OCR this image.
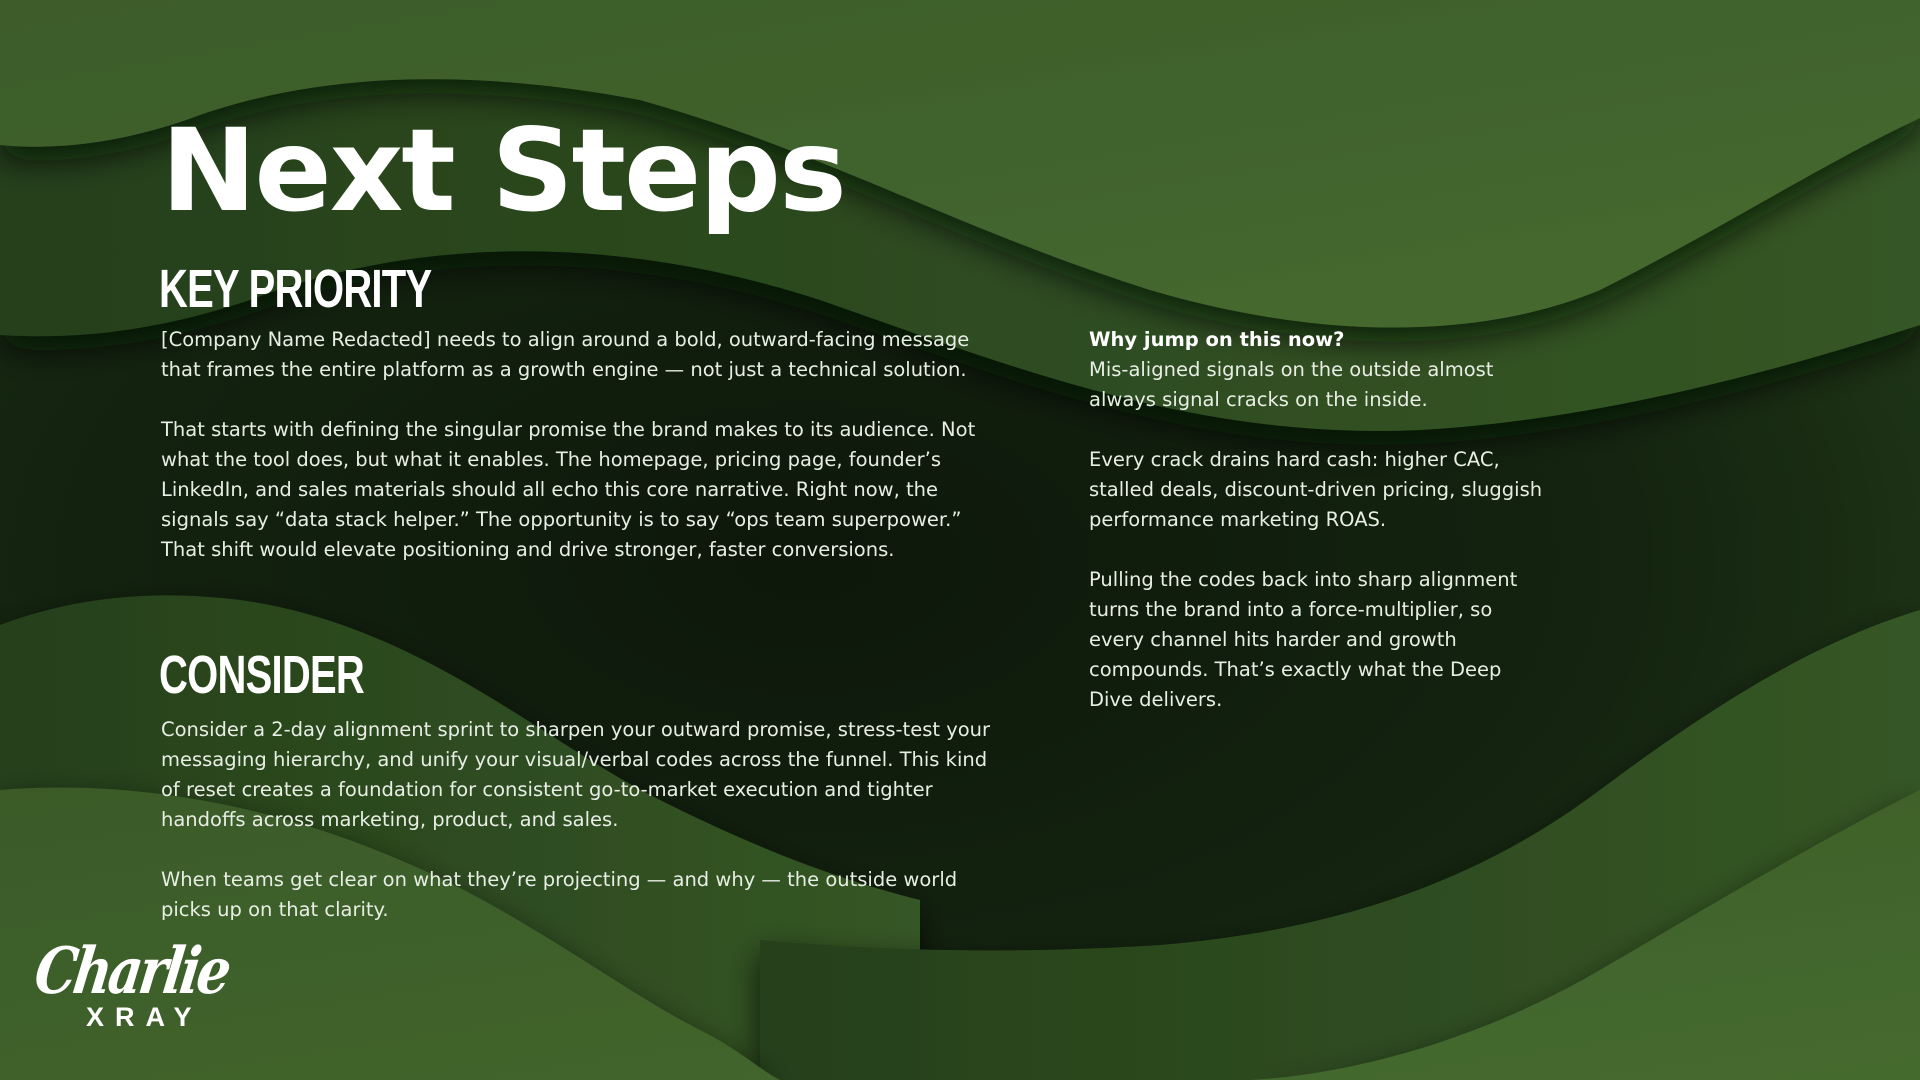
Next Steps
KEY PRIORITY

[Company Name Redacted] needs to align around a bold, outward-facing message that frames the entire platform as a growth engine — not just a technical solution.

That starts with defining the singular promise the brand makes to its audience. Not what the tool does, but what it enables. The homepage, pricing page, founder’s LinkedIn, and sales materials should all echo this core narrative. Right now, the signals say “data stack helper.” The opportunity is to say “ops team superpower.” That shift would elevate positioning and drive stronger, faster conversions.

CONSIDER

Consider a 2-day alignment sprint to sharpen your outward promise, stress-test your messaging hierarchy, and unify your visual/verbal codes across the funnel. This kind of reset creates a foundation for consistent go-to-market execution and tighter handoffs across marketing, product, and sales.

When teams get clear on what they’re projecting — and why — the outside world picks up on that clarity.

Why jump on this now?

Mis-aligned signals on the outside almost always signal cracks on the inside.

Every crack drains hard cash: higher CAC, stalled deals, discount-driven pricing, sluggish performance marketing ROAS.

Pulling the codes back into sharp alignment turns the brand into a force-multiplier, so every channel hits harder and growth compounds. That’s exactly what the Deep Dive delivers.

Charlie
XRAY
